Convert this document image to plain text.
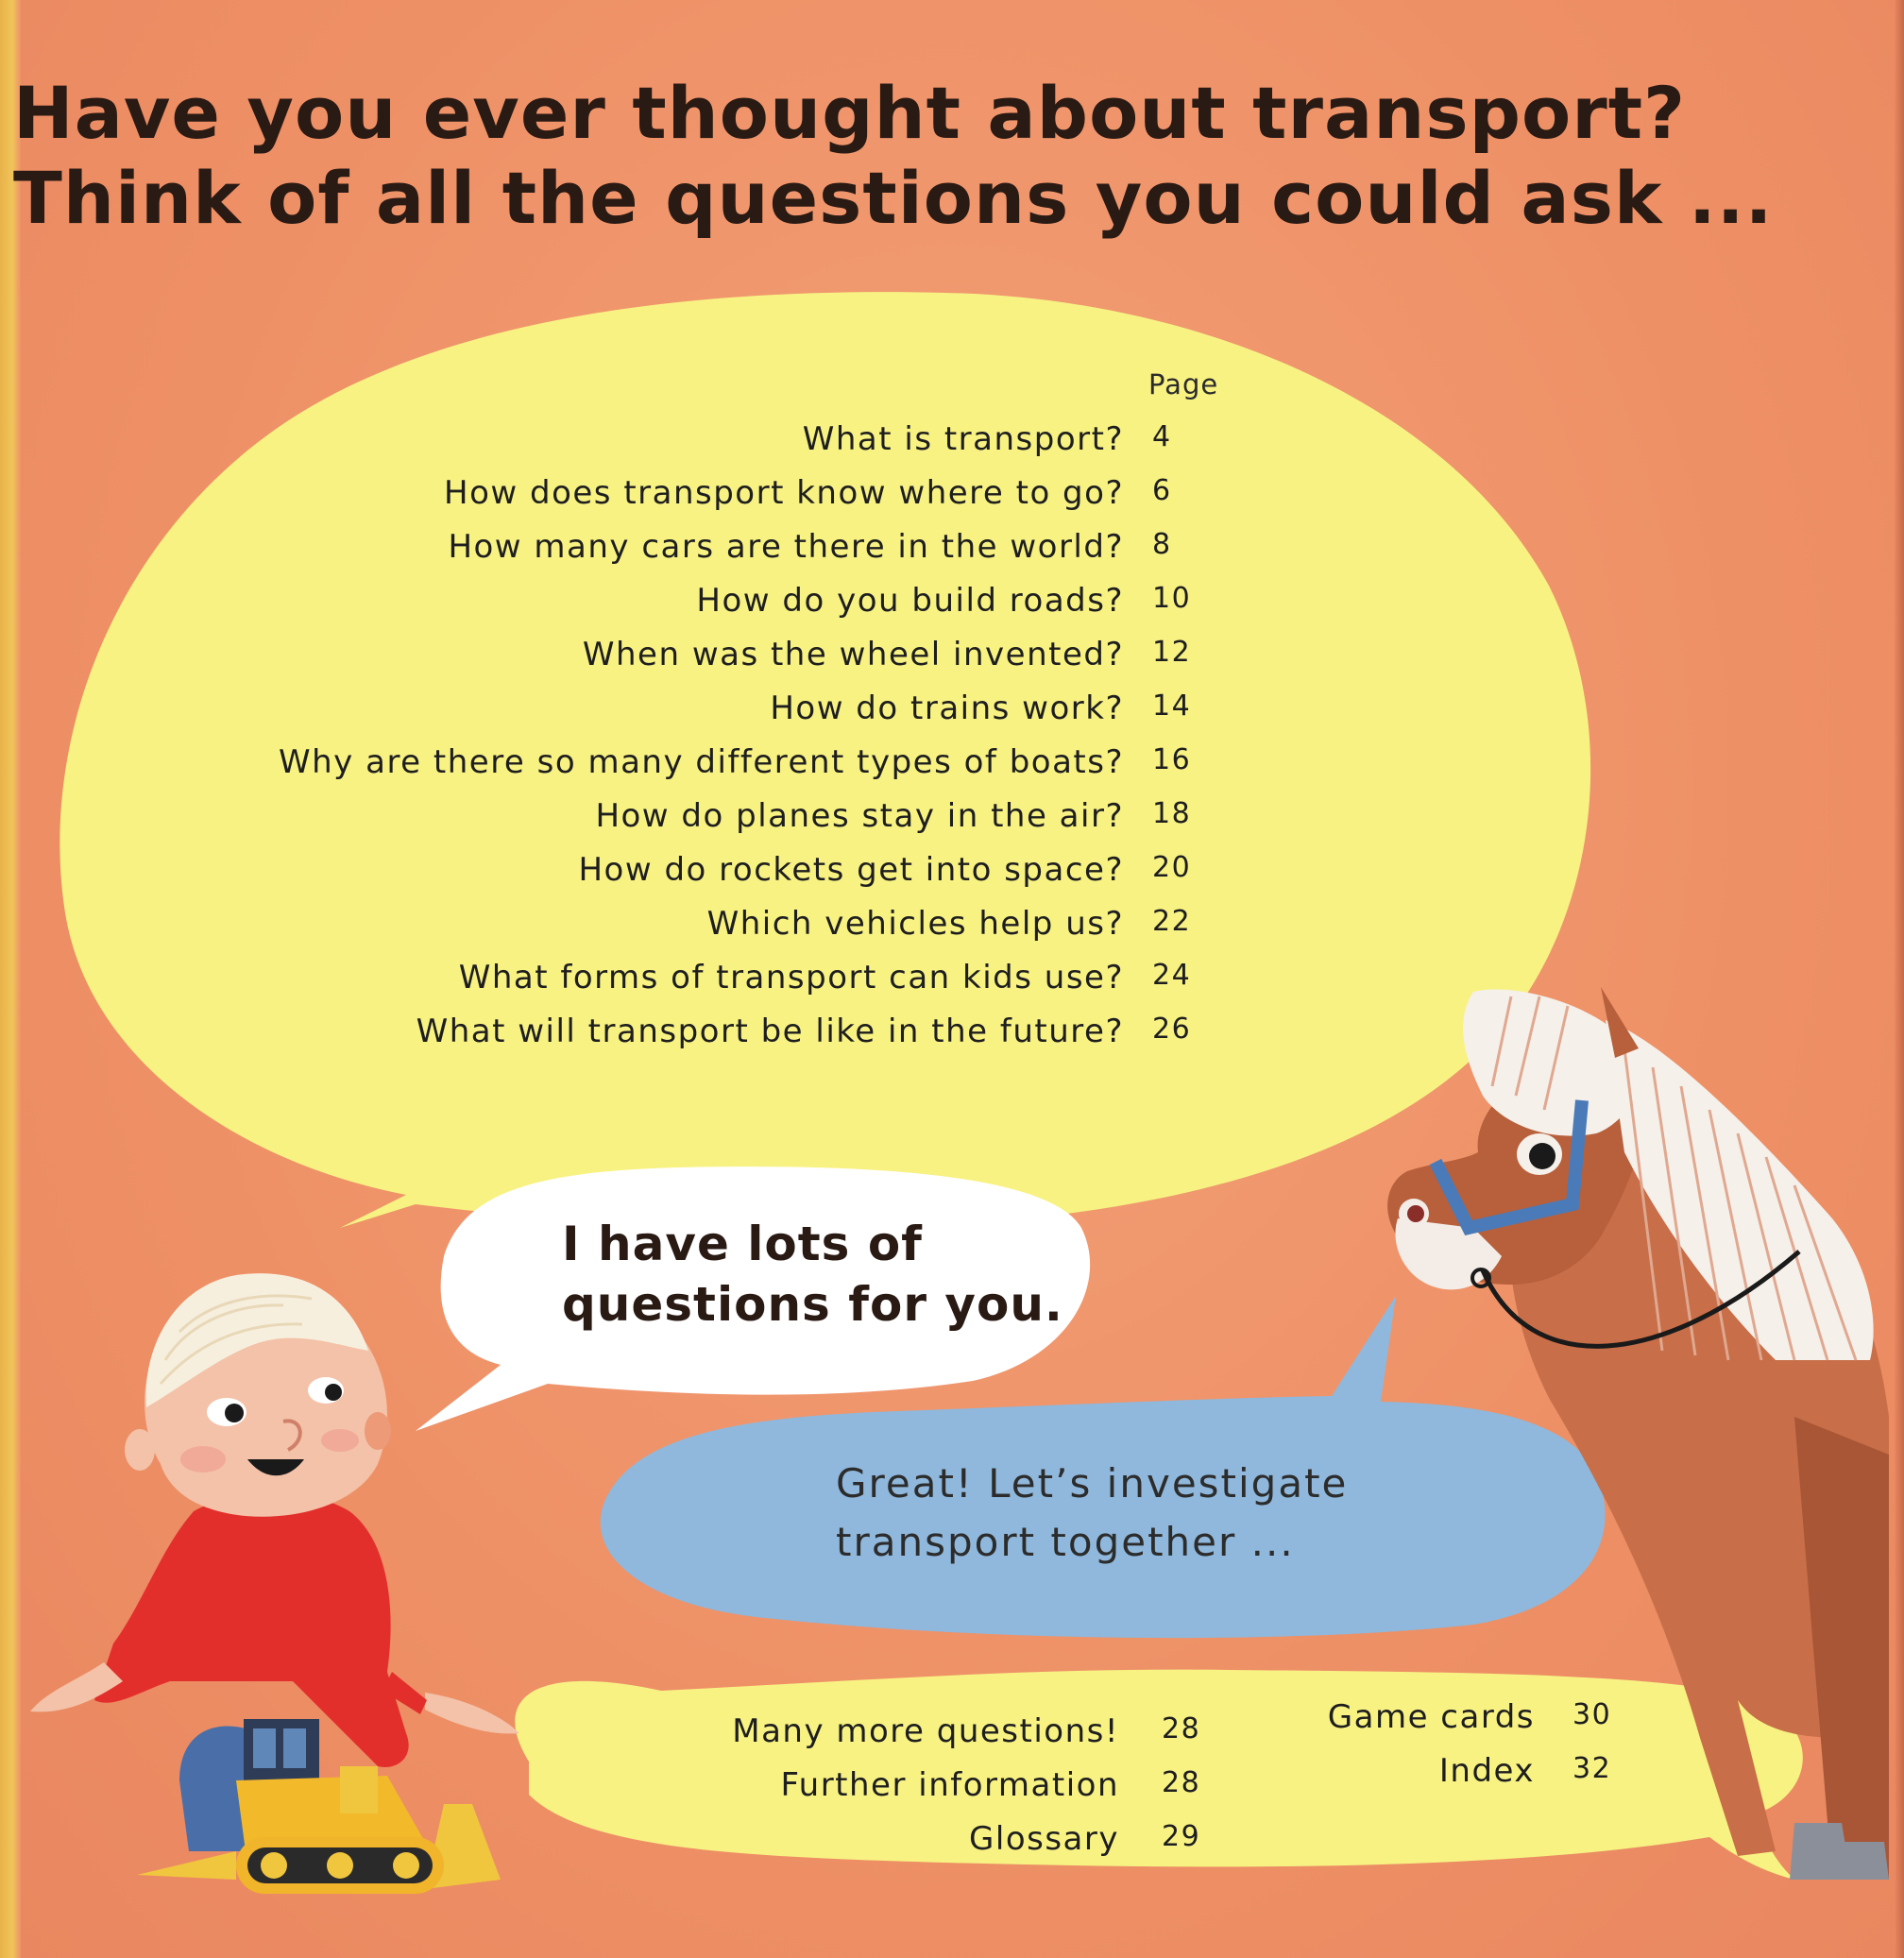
Have you ever thought about transport?
Think of all the questions you could ask ...
Page
What is transport? 4
How does transport know where to go? 6
How many cars are there in the world? 8
How do you build roads? 10
When was the wheel invented? 12
How do trains work? 14
Why are there so many different types of boats? 16
How do planes stay in the air? 18
How do rockets get into space? 20
Which vehicles help us? 22
What forms of transport can kids use? 24
What will transport be like in the future? 26

I have lots of
questions for you.

Great! Let’s investigate
transport together ...

Many more questions! 28
Further information 28
Glossary 29
Game cards 30
Index 32
